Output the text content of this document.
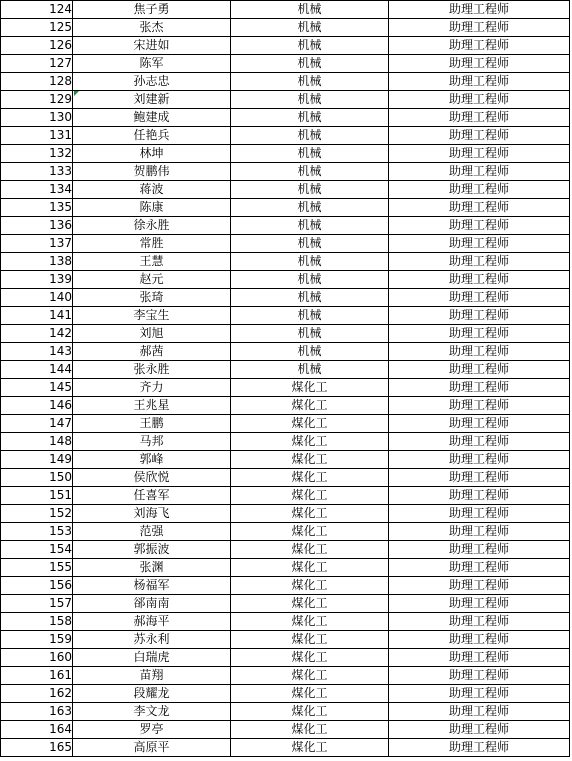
124	焦子勇	机械	助理工程师
125	张杰	机械	助理工程师
126	宋进如	机械	助理工程师
127	陈军	机械	助理工程师
128	孙志忠	机械	助理工程师
129	刘建新	机械	助理工程师
130	鲍建成	机械	助理工程师
131	任艳兵	机械	助理工程师
132	林坤	机械	助理工程师
133	贺鹏伟	机械	助理工程师
134	蒋波	机械	助理工程师
135	陈康	机械	助理工程师
136	徐永胜	机械	助理工程师
137	常胜	机械	助理工程师
138	王慧	机械	助理工程师
139	赵元	机械	助理工程师
140	张琦	机械	助理工程师
141	李宝生	机械	助理工程师
142	刘旭	机械	助理工程师
143	郝茜	机械	助理工程师
144	张永胜	机械	助理工程师
145	齐力	煤化工	助理工程师
146	王兆星	煤化工	助理工程师
147	王鹏	煤化工	助理工程师
148	马邦	煤化工	助理工程师
149	郭峰	煤化工	助理工程师
150	侯欣悦	煤化工	助理工程师
151	任喜军	煤化工	助理工程师
152	刘海飞	煤化工	助理工程师
153	范强	煤化工	助理工程师
154	郭振波	煤化工	助理工程师
155	张渊	煤化工	助理工程师
156	杨福军	煤化工	助理工程师
157	郤南南	煤化工	助理工程师
158	郝海平	煤化工	助理工程师
159	苏永利	煤化工	助理工程师
160	白瑞虎	煤化工	助理工程师
161	苗翔	煤化工	助理工程师
162	段耀龙	煤化工	助理工程师
163	李文龙	煤化工	助理工程师
164	罗亭	煤化工	助理工程师
165	高原平	煤化工	助理工程师
